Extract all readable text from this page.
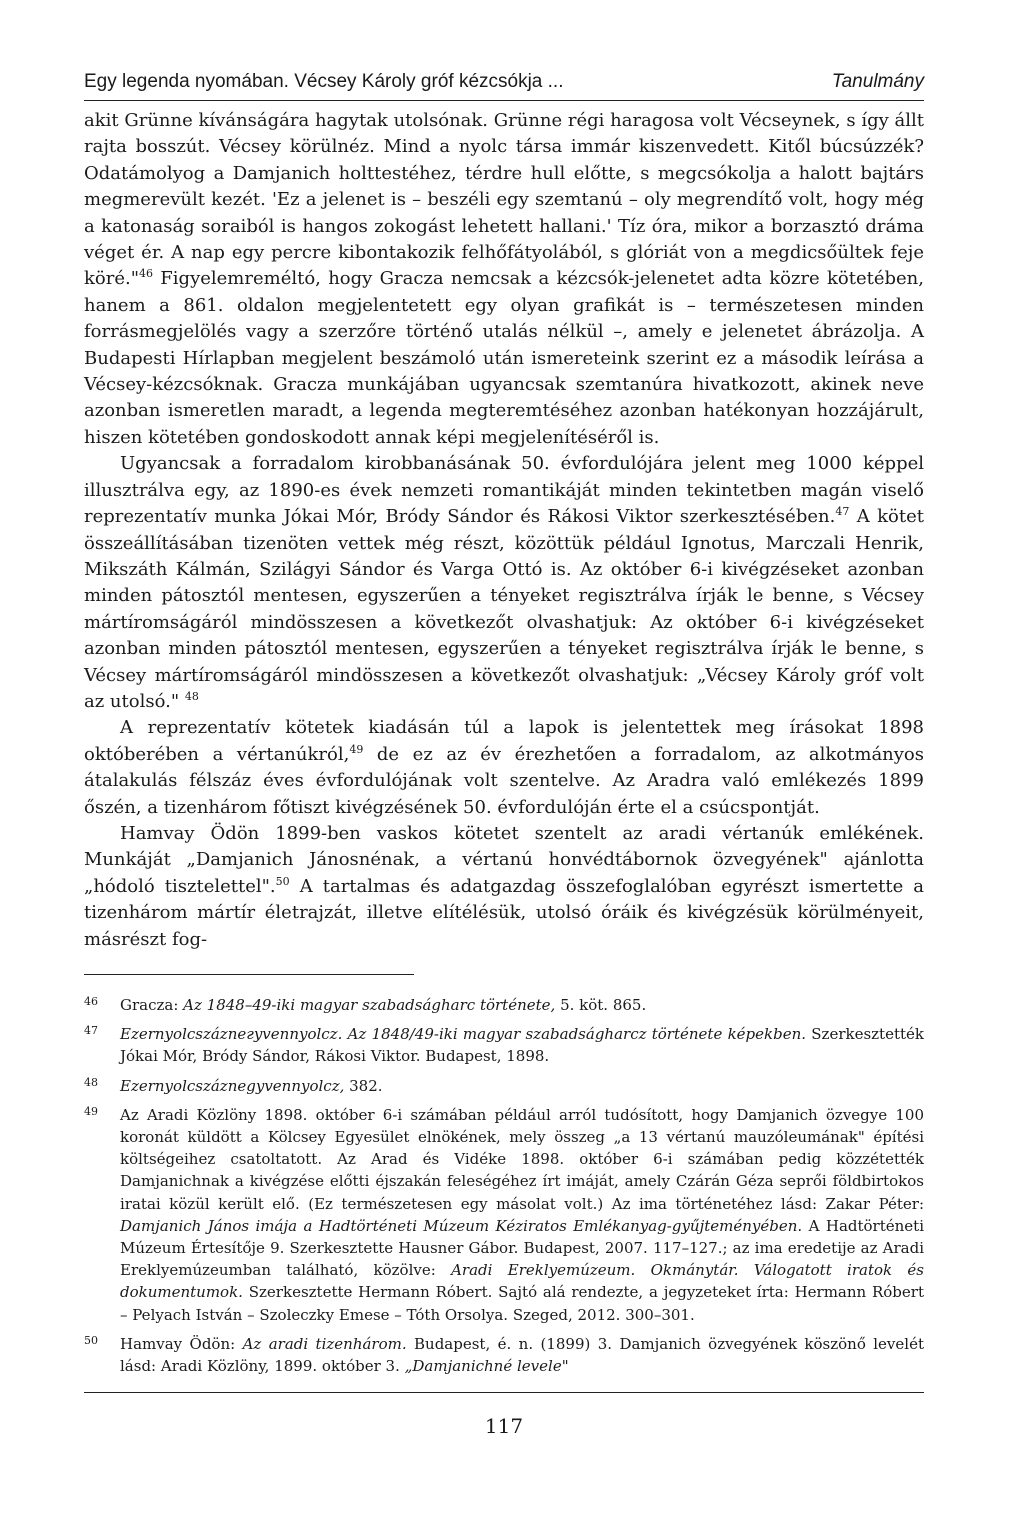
Egy legenda nyomában. Vécsey Károly gróf kézcsókja ...	Tanulmány

akit Grünne kívánságára hagytak utolsónak. Grünne régi haragosa volt Vécseynek, s így állt rajta bosszút. Vécsey körülnéz. Mind a nyolc társa immár kiszenvedett. Kitől búcsúzzék? Odatámolyog a Damjanich holttestéhez, térdre hull előtte, s megcsókolja a halott bajtárs megmerevült kezét. 'Ez a jelenet is – beszéli egy szemtanú – oly megrendítő volt, hogy még a katonaság soraiból is hangos zokogást lehetett hallani.' Tíz óra, mikor a borzasztó dráma véget ér. A nap egy percre kibontakozik felhőfátyolából, s glóriát von a megdicsőültek feje köré."$^{46}$ Figyelemreméltó, hogy Gracza nemcsak a kézcsók-jelenetet adta közre kötetében, hanem a 861. oldalon megjelentetett egy olyan grafikát is – természetesen minden forrásmegjelölés vagy a szerzőre történő utalás nélkül –, amely e jelenetet ábrázolja. A Budapesti Hírlapban megjelent beszámoló után ismereteink szerint ez a második leírása a Vécsey-kézcsóknak. Gracza munkájában ugyancsak szemtanúra hivatkozott, akinek neve azonban ismeretlen maradt, a legenda megteremtéséhez azonban hatékonyan hozzájárult, hiszen kötetében gondoskodott annak képi megjelenítéséről is.

Ugyancsak a forradalom kirobbanásának 50. évfordulójára jelent meg 1000 képpel illusztrálva egy, az 1890-es évek nemzeti romantikáját minden tekintetben magán viselő reprezentatív munka Jókai Mór, Bródy Sándor és Rákosi Viktor szerkesztésében.$^{47}$ A kötet összeállításában tizenöten vettek még részt, közöttük például Ignotus, Marczali Henrik, Mikszáth Kálmán, Szilágyi Sándor és Varga Ottó is. Az október 6-i kivégzéseket azonban minden pátosztól mentesen, egyszerűen a tényeket regisztrálva írják le benne, s Vécsey mártíromságáról mindösszesen a következőt olvashatjuk: Az október 6-i kivégzéseket azonban minden pátosztól mentesen, egyszerűen a tényeket regisztrálva írják le benne, s Vécsey mártíromságáról mindösszesen a következőt olvashatjuk: „Vécsey Károly gróf volt az utolsó." $^{48}$

A reprezentatív kötetek kiadásán túl a lapok is jelentettek meg írásokat 1898 októberében a vértanúkról,$^{49}$ de ez az év érezhetően a forradalom, az alkotmányos átalakulás félszáz éves évfordulójának volt szentelve. Az Aradra való emlékezés 1899 őszén, a tizenhárom főtiszt kivégzésének 50. évfordulóján érte el a csúcspontját.

Hamvay Ödön 1899-ben vaskos kötetet szentelt az aradi vértanúk emlékének. Munkáját „Damjanich Jánosnénak, a vértanú honvédtábornok özvegyének" ajánlotta „hódoló tisztelettel".$^{50}$ A tartalmas és adatgazdag összefoglalóban egyrészt ismertette a tizenhárom mártír életrajzát, illetve elítélésük, utolsó óráik és kivégzésük körülményeit, másrészt fog-

46 Gracza: Az 1848–49-iki magyar szabadságharc története, 5. köt. 865.
47 Ezernyolcszázneгyvennyolcz. Az 1848/49-iki magyar szabadságharcz története képekben. Szerkesztették Jókai Mór, Bródy Sándor, Rákosi Viktor. Budapest, 1898.
48 Ezernyolcszáznegyvennyolcz, 382.
49 Az Aradi Közlöny 1898. október 6-i számában például arról tudósított, hogy Damjanich özvegye 100 koronát küldött a Kölcsey Egyesület elnökének, mely összeg „a 13 vértanú mauzóleumának" építési költségeihez csatoltatott. Az Arad és Vidéke 1898. október 6-i számában pedig közzétették Damjanichnak a kivégzése előtti éjszakán feleségéhez írt imáját, amely Czárán Géza seprői földbirtokos iratai közül került elő. (Ez természetesen egy másolat volt.) Az ima történetéhez lásd: Zakar Péter: Damjanich János imája a Hadtörténeti Múzeum Kéziratos Emlékanyag-gyűjteményében. A Hadtörténeti Múzeum Értesítője 9. Szerkesztette Hausner Gábor. Budapest, 2007. 117–127.; az ima eredetije az Aradi Ereklyemúzeumban található, közölve: Aradi Ereklyemúzeum. Okmánytár. Válogatott iratok és dokumentumok. Szerkesztette Hermann Róbert. Sajtó alá rendezte, a jegyzeteket írta: Hermann Róbert – Pelyach István – Szoleczky Emese – Tóth Orsolya. Szeged, 2012. 300–301.
50 Hamvay Ödön: Az aradi tizenhárom. Budapest, é. n. (1899) 3. Damjanich özvegyének köszönő levelét lásd: Aradi Közlöny, 1899. október 3. „Damjanichné levele"
117
